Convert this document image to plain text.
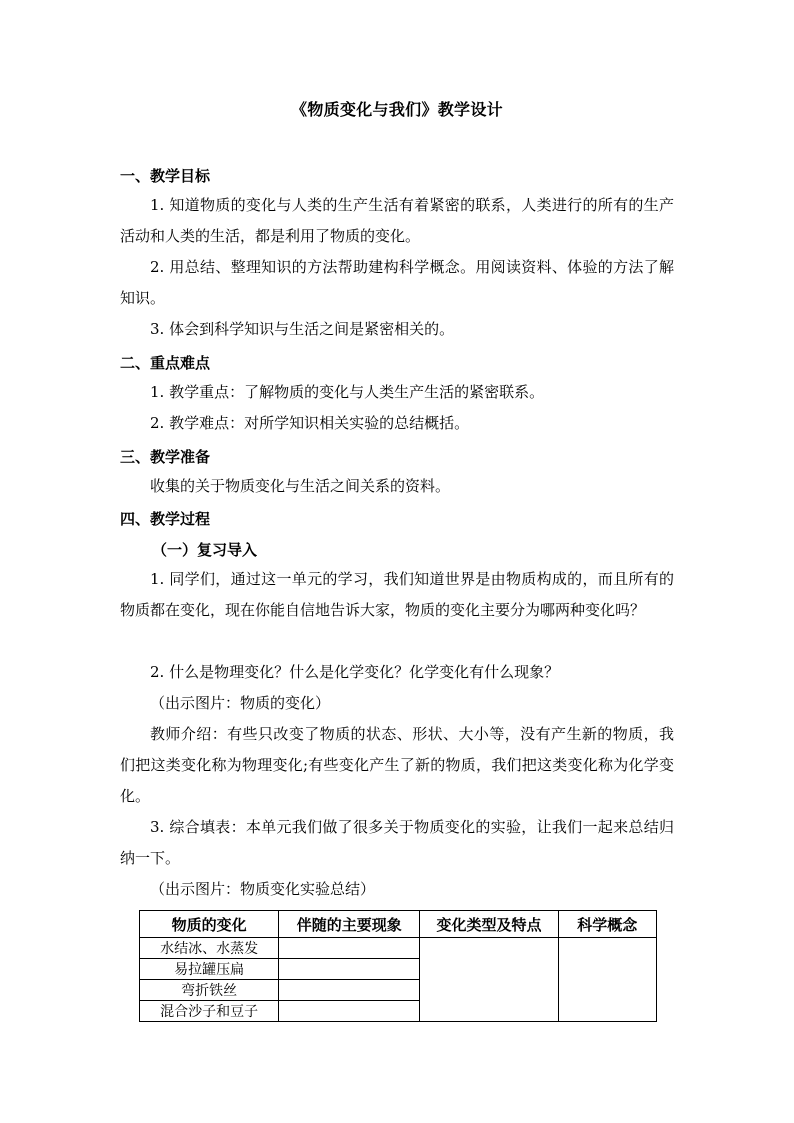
《物质变化与我们》教学设计
一、教学目标

1. 知道物质的变化与人类的生产生活有着紧密的联系，人类进行的所有的生产活动和人类的生活，都是利用了物质的变化。

2. 用总结、整理知识的方法帮助建构科学概念。用阅读资料、体验的方法了解知识。

3. 体会到科学知识与生活之间是紧密相关的。

二、重点难点

1. 教学重点：了解物质的变化与人类生产生活的紧密联系。

2. 教学难点：对所学知识相关实验的总结概括。

三、教学准备

收集的关于物质变化与生活之间关系的资料。

四、教学过程
（一）复习导入

1. 同学们，通过这一单元的学习，我们知道世界是由物质构成的，而且所有的物质都在变化，现在你能自信地告诉大家，物质的变化主要分为哪两种变化吗？

2. 什么是物理变化？什么是化学变化？化学变化有什么现象？

（出示图片：物质的变化）

教师介绍：有些只改变了物质的状态、形状、大小等，没有产生新的物质，我们把这类变化称为物理变化;有些变化产生了新的物质，我们把这类变化称为化学变化。

3. 综合填表：本单元我们做了很多关于物质变化的实验，让我们一起来总结归纳一下。

（出示图片：物质变化实验总结）

物质的变化	伴随的主要现象	变化类型及特点	科学概念
水结冰、水蒸发			
易拉罐压扁			
弯折铁丝			
混合沙子和豆子			
